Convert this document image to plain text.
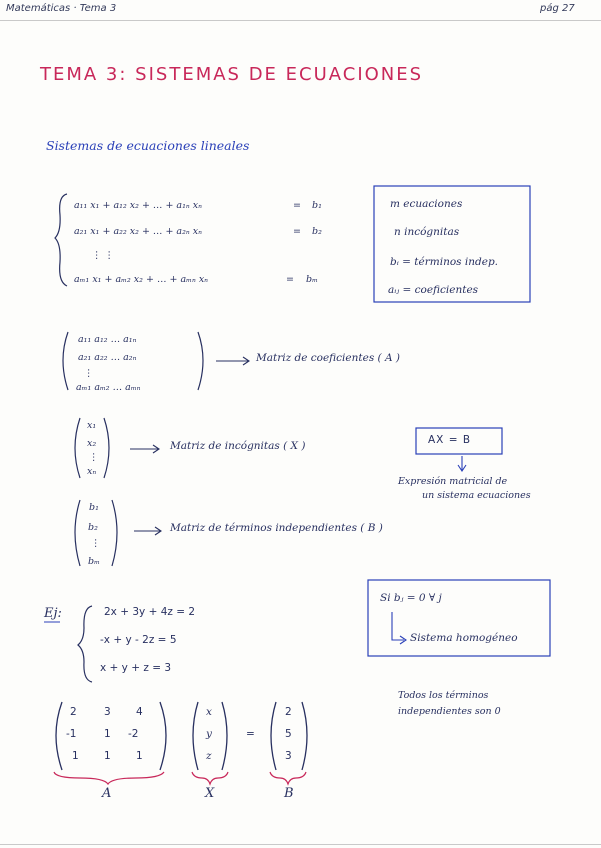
Matemáticas · Tema 3	pág 27
TEMA 3: SISTEMAS DE ECUACIONES
Sistemas de ecuaciones lineales
a₁₁ x₁ + a₁₂ x₂ + … + a₁ₙ xₙ	= b₁
a₂₁ x₁ + a₂₂ x₂ + … + a₂ₙ xₙ	= b₂
⋮ ⋮
aₘ₁ x₁ + aₘ₂ x₂ + … + aₘₙ xₙ	= bₘ
m ecuaciones
n incógnitas
bᵢ = términos indep.
aᵢⱼ = coeficientes
a₁₁ a₁₂ … a₁ₙ
a₂₁ a₂₂ … a₂ₙ
⋮
aₘ₁ aₘ₂ … aₘₙ
Matriz de coeficientes ( A )
x₁
x₂
⋮
xₙ
Matriz de incógnitas ( X )	AX = B
Expresión matricial de
un sistema ecuaciones
b₁
b₂
⋮
bₘ
Matriz de términos independientes ( B )
Ej:	2x + 3y + 4z = 2
-x + y - 2z = 5
x + y + z = 3
Si bⱼ = 0 ∀ j
Sistema homogéneo
Todos los términos
independientes son 0
2	3 4
-1	1 -2
1 1 1
x
y
z
=
2
5
3
A	X	B
